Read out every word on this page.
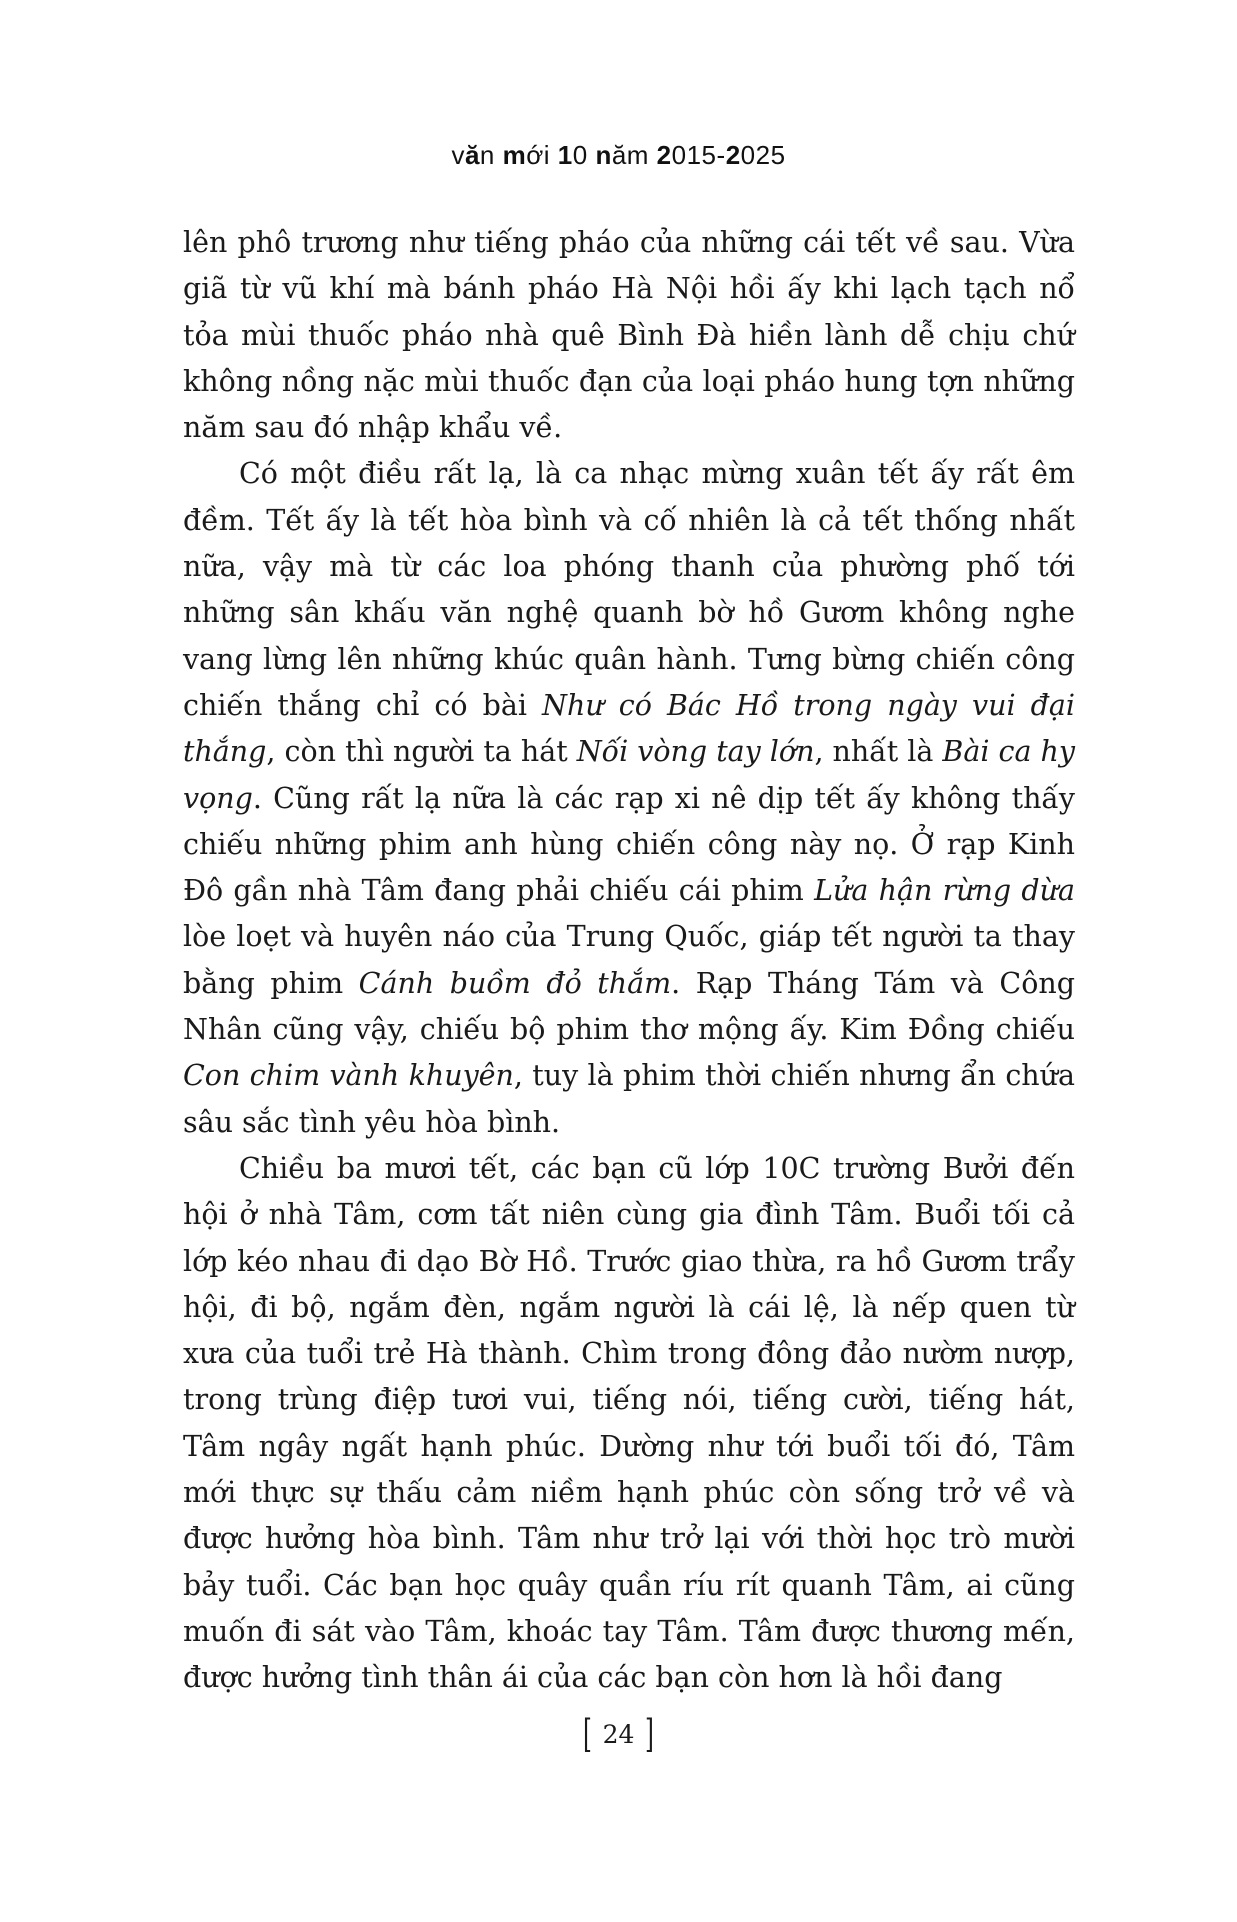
văn mới 10 năm 2015-2025

lên phô trương như tiếng pháo của những cái tết về sau. Vừa giã từ vũ khí mà bánh pháo Hà Nội hồi ấy khi lạch tạch nổ tỏa mùi thuốc pháo nhà quê Bình Đà hiền lành dễ chịu chứ không nồng nặc mùi thuốc đạn của loại pháo hung tợn những năm sau đó nhập khẩu về.

Có một điều rất lạ, là ca nhạc mừng xuân tết ấy rất êm đềm. Tết ấy là tết hòa bình và cố nhiên là cả tết thống nhất nữa, vậy mà từ các loa phóng thanh của phường phố tới những sân khấu văn nghệ quanh bờ hồ Gươm không nghe vang lừng lên những khúc quân hành. Tưng bừng chiến công chiến thắng chỉ có bài Như có Bác Hồ trong ngày vui đại thắng, còn thì người ta hát Nối vòng tay lớn, nhất là Bài ca hy vọng. Cũng rất lạ nữa là các rạp xi nê dịp tết ấy không thấy chiếu những phim anh hùng chiến công này nọ. Ở rạp Kinh Đô gần nhà Tâm đang phải chiếu cái phim Lửa hận rừng dừa lòe loẹt và huyên náo của Trung Quốc, giáp tết người ta thay bằng phim Cánh buồm đỏ thắm. Rạp Tháng Tám và Công Nhân cũng vậy, chiếu bộ phim thơ mộng ấy. Kim Đồng chiếu Con chim vành khuyên, tuy là phim thời chiến nhưng ẩn chứa sâu sắc tình yêu hòa bình.

Chiều ba mươi tết, các bạn cũ lớp 10C trường Bưởi đến hội ở nhà Tâm, cơm tất niên cùng gia đình Tâm. Buổi tối cả lớp kéo nhau đi dạo Bờ Hồ. Trước giao thừa, ra hồ Gươm trẩy hội, đi bộ, ngắm đèn, ngắm người là cái lệ, là nếp quen từ xưa của tuổi trẻ Hà thành. Chìm trong đông đảo nườm nượp, trong trùng điệp tươi vui, tiếng nói, tiếng cười, tiếng hát, Tâm ngây ngất hạnh phúc. Dường như tới buổi tối đó, Tâm mới thực sự thấu cảm niềm hạnh phúc còn sống trở về và được hưởng hòa bình. Tâm như trở lại với thời học trò mười bảy tuổi. Các bạn học quây quần ríu rít quanh Tâm, ai cũng muốn đi sát vào Tâm, khoác tay Tâm. Tâm được thương mến, được hưởng tình thân ái của các bạn còn hơn là hồi đang

[ 24 ]
